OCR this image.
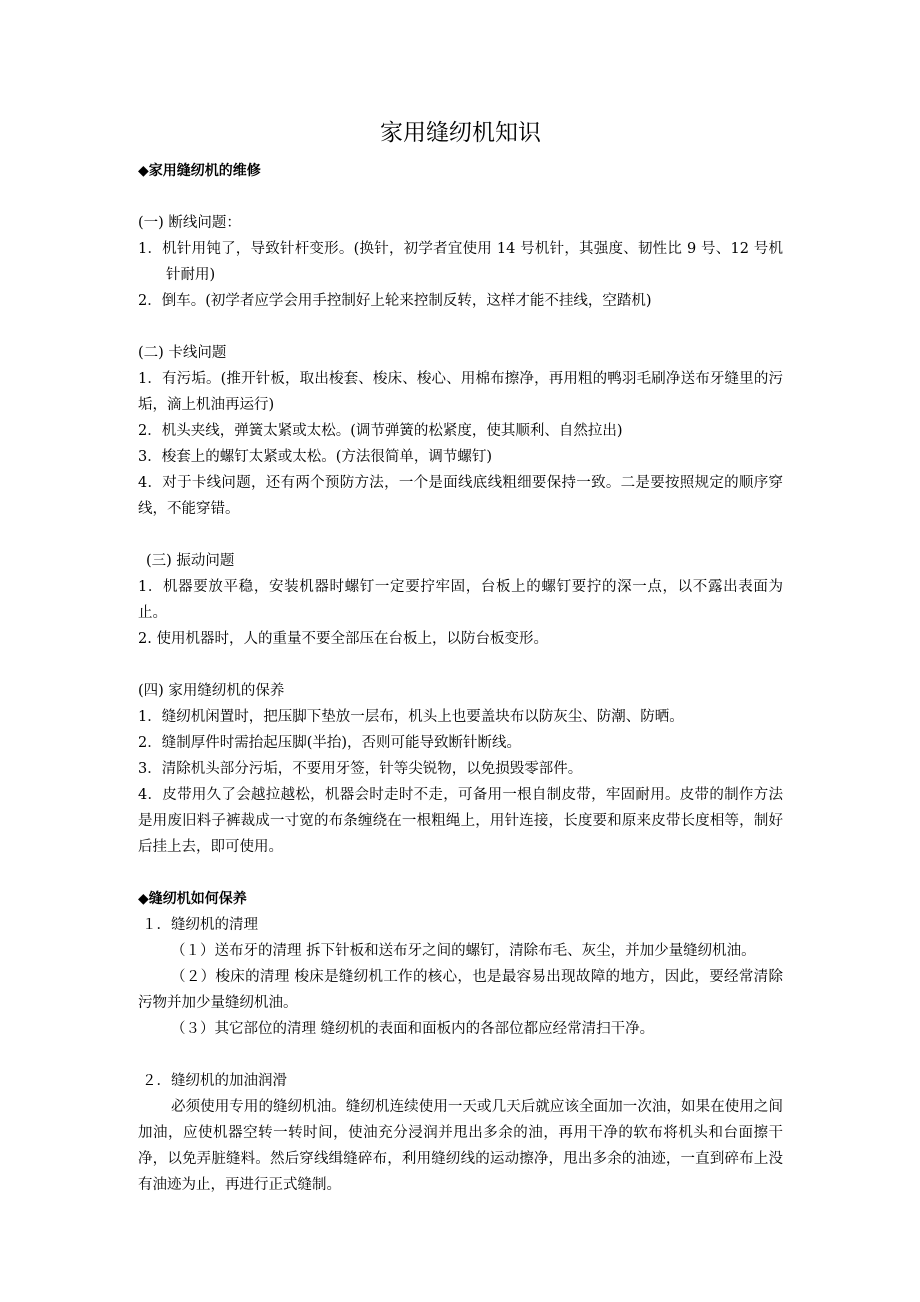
家用缝纫机知识

◆家用缝纫机的维修

(一) 断线问题：

1．机针用钝了，导致针杆变形。(换针，初学者宜使用 14 号机针，其强度、韧性比 9 号、12 号机针耐用)

2．倒车。(初学者应学会用手控制好上轮来控制反转，这样才能不挂线，空踏机)

(二) 卡线问题

1．有污垢。(推开针板，取出梭套、梭床、梭心、用棉布擦净，再用粗的鸭羽毛刷净送布牙缝里的污垢，滴上机油再运行)

2．机头夹线，弹簧太紧或太松。(调节弹簧的松紧度，使其顺利、自然拉出)

3．梭套上的螺钉太紧或太松。(方法很简单，调节螺钉)

4．对于卡线问题，还有两个预防方法，一个是面线底线粗细要保持一致。二是要按照规定的顺序穿线，不能穿错。

(三) 振动问题

1．机器要放平稳，安装机器时螺钉一定要拧牢固，台板上的螺钉要拧的深一点，以不露出表面为止。

2. 使用机器时，人的重量不要全部压在台板上，以防台板变形。

(四) 家用缝纫机的保养

1．缝纫机闲置时，把压脚下垫放一层布，机头上也要盖块布以防灰尘、防潮、防晒。

2．缝制厚件时需抬起压脚(半抬)，否则可能导致断针断线。

3．清除机头部分污垢，不要用牙签，针等尖锐物，以免损毁零部件。

4．皮带用久了会越拉越松，机器会时走时不走，可备用一根自制皮带，牢固耐用。皮带的制作方法是用废旧料子裤裁成一寸宽的布条缠绕在一根粗绳上，用针连接，长度要和原来皮带长度相等，制好后挂上去，即可使用。

◆缝纫机如何保养

１．缝纫机的清理

（１）送布牙的清理 拆下针板和送布牙之间的螺钉，清除布毛、灰尘，并加少量缝纫机油。

（２）梭床的清理 梭床是缝纫机工作的核心，也是最容易出现故障的地方，因此，要经常清除污物并加少量缝纫机油。

（３）其它部位的清理 缝纫机的表面和面板内的各部位都应经常清扫干净。

２．缝纫机的加油润滑

必须使用专用的缝纫机油。缝纫机连续使用一天或几天后就应该全面加一次油，如果在使用之间加油，应使机器空转一转时间，使油充分浸润并甩出多余的油，再用干净的软布将机头和台面擦干净，以免弄脏缝料。然后穿线缉缝碎布，利用缝纫线的运动擦净，甩出多余的油迹，一直到碎布上没有油迹为止，再进行正式缝制。
